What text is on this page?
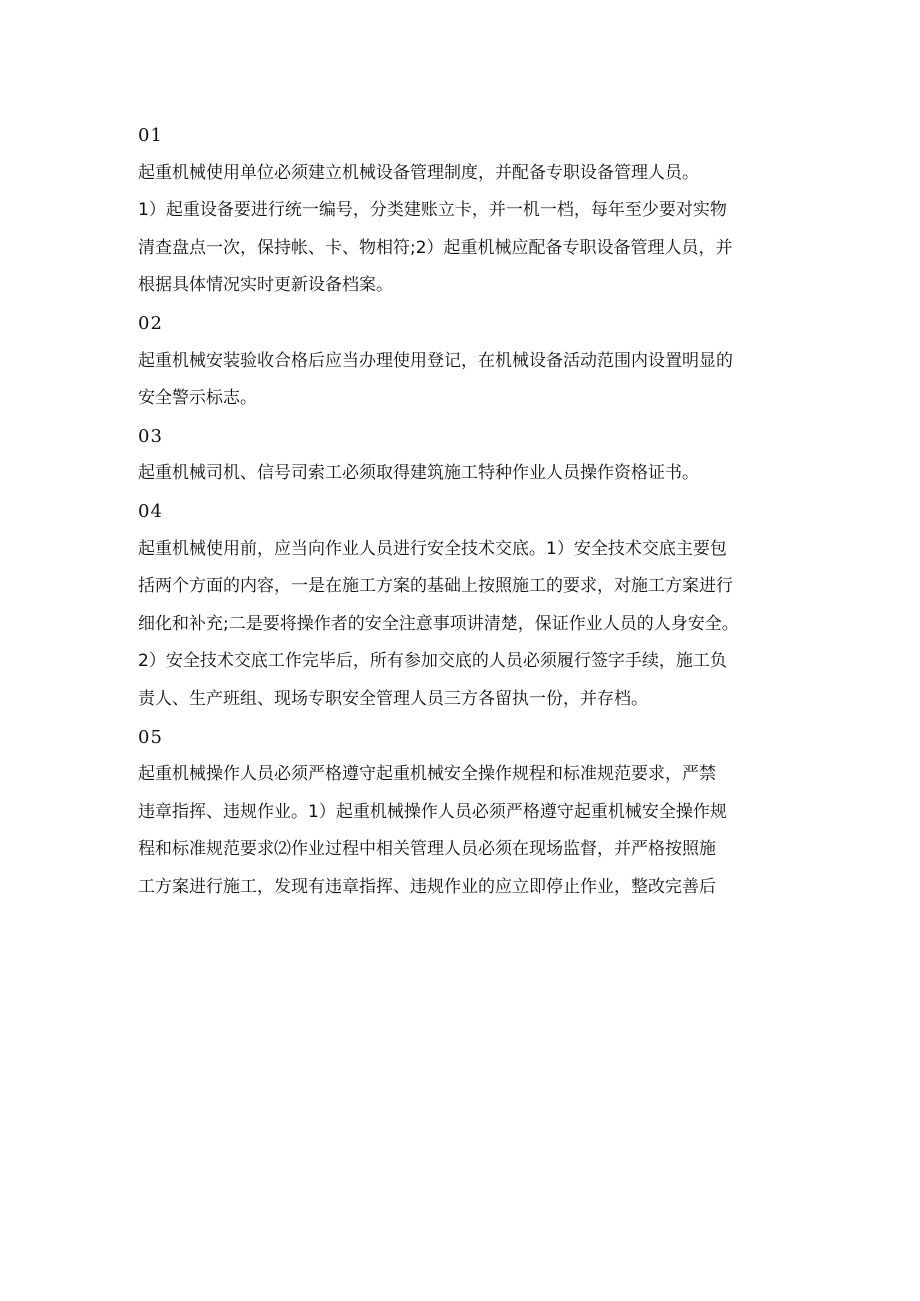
01
起重机械使用单位必须建立机械设备管理制度，并配备专职设备管理人员。
1）起重设备要进行统一编号，分类建账立卡，并一机一档，每年至少要对实物
清查盘点一次，保持帐、卡、物相符;2）起重机械应配备专职设备管理人员，并
根据具体情况实时更新设备档案。
02
起重机械安装验收合格后应当办理使用登记，在机械设备活动范围内设置明显的
安全警示标志。
03
起重机械司机、信号司索工必须取得建筑施工特种作业人员操作资格证书。
04
起重机械使用前，应当向作业人员进行安全技术交底。1）安全技术交底主要包
括两个方面的内容，一是在施工方案的基础上按照施工的要求，对施工方案进行
细化和补充;二是要将操作者的安全注意事项讲清楚，保证作业人员的人身安全。
2）安全技术交底工作完毕后，所有参加交底的人员必须履行签字手续，施工负
责人、生产班组、现场专职安全管理人员三方各留执一份，并存档。
05
起重机械操作人员必须严格遵守起重机械安全操作规程和标准规范要求，严禁
违章指挥、违规作业。1）起重机械操作人员必须严格遵守起重机械安全操作规
程和标准规范要求⑵作业过程中相关管理人员必须在现场监督，并严格按照施
工方案进行施工，发现有违章指挥、违规作业的应立即停止作业，整改完善后
